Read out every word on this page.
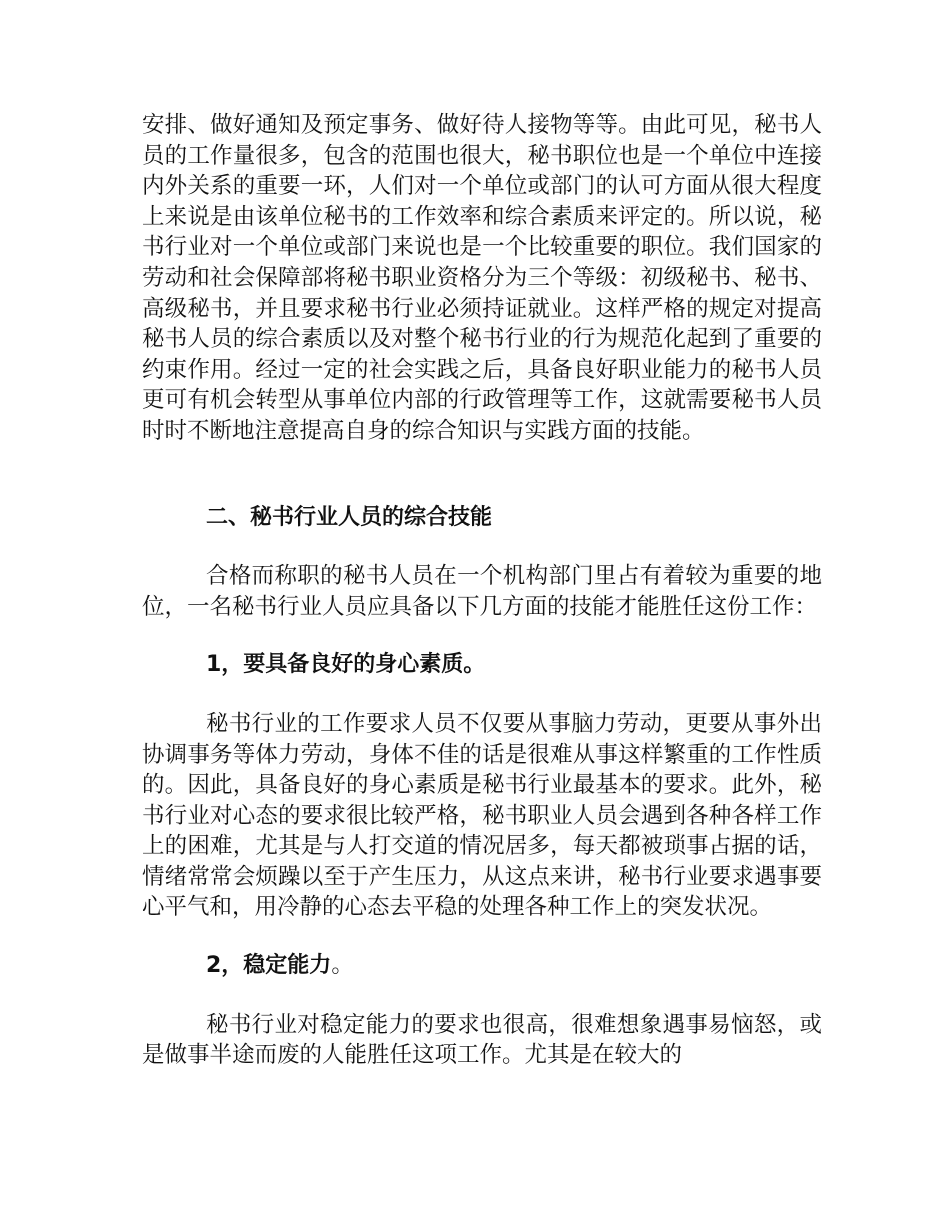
安排、做好通知及预定事务、做好待人接物等等。由此可见，秘书人员的工作量很多，包含的范围也很大，秘书职位也是一个单位中连接内外关系的重要一环，人们对一个单位或部门的认可方面从很大程度上来说是由该单位秘书的工作效率和综合素质来评定的。所以说，秘书行业对一个单位或部门来说也是一个比较重要的职位。我们国家的劳动和社会保障部将秘书职业资格分为三个等级：初级秘书、秘书、高级秘书，并且要求秘书行业必须持证就业。这样严格的规定对提高秘书人员的综合素质以及对整个秘书行业的行为规范化起到了重要的约束作用。经过一定的社会实践之后，具备良好职业能力的秘书人员更可有机会转型从事单位内部的行政管理等工作，这就需要秘书人员时时不断地注意提高自身的综合知识与实践方面的技能。

二、秘书行业人员的综合技能

合格而称职的秘书人员在一个机构部门里占有着较为重要的地位，一名秘书行业人员应具备以下几方面的技能才能胜任这份工作：

1，要具备良好的身心素质。

秘书行业的工作要求人员不仅要从事脑力劳动，更要从事外出协调事务等体力劳动，身体不佳的话是很难从事这样繁重的工作性质的。因此，具备良好的身心素质是秘书行业最基本的要求。此外，秘书行业对心态的要求很比较严格，秘书职业人员会遇到各种各样工作上的困难，尤其是与人打交道的情况居多，每天都被琐事占据的话，情绪常常会烦躁以至于产生压力，从这点来讲，秘书行业要求遇事要心平气和，用冷静的心态去平稳的处理各种工作上的突发状况。

2，稳定能力。

秘书行业对稳定能力的要求也很高，很难想象遇事易恼怒，或是做事半途而废的人能胜任这项工作。尤其是在较大的
